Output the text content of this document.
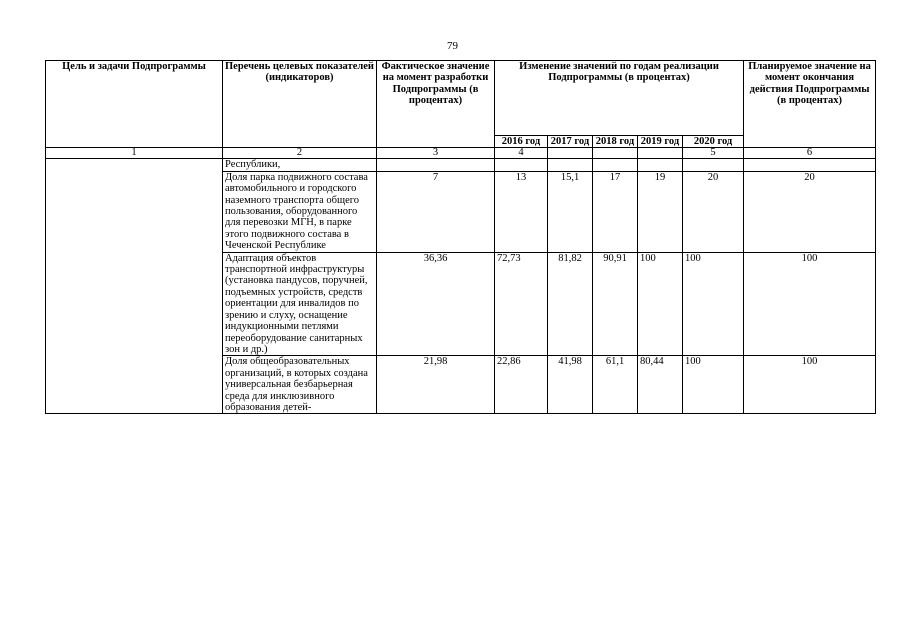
79
Цель и задачи Подпрограммы	Перечень целевых показателей (индикаторов)	Фактическое значение на момент разработки Подпрограммы (в процентах)	Изменение значений по годам реализации Подпрограммы (в процентах)					Планируемое значение на момент окончания действия Подпрограммы (в процентах)
			2016 год	2017 год	2018 год	2019 год	2020 год	
1	2	3	4				5	6
	Республики,							
	Доля парка подвижного состава автомобильного и городского наземного транспорта общего пользования, оборудованного для перевозки МГН, в парке этого подвижного состава в Чеченской Республике	7	13	15,1	17	19	20	20
	Адаптация объектов транспортной инфраструктуры (установка пандусов, поручней, подъемных устройств, средств ориентации для инвалидов по зрению и слуху, оснащение индукционными петлями переоборудование санитарных зон и др.)	36,36	72,73	81,82	90,91	100	100	100
	Доля общеобразовательных организаций, в которых создана универсальная безбарьерная среда для инклюзивного образования детей-	21,98	22,86	41,98	61,1	80,44	100	100
